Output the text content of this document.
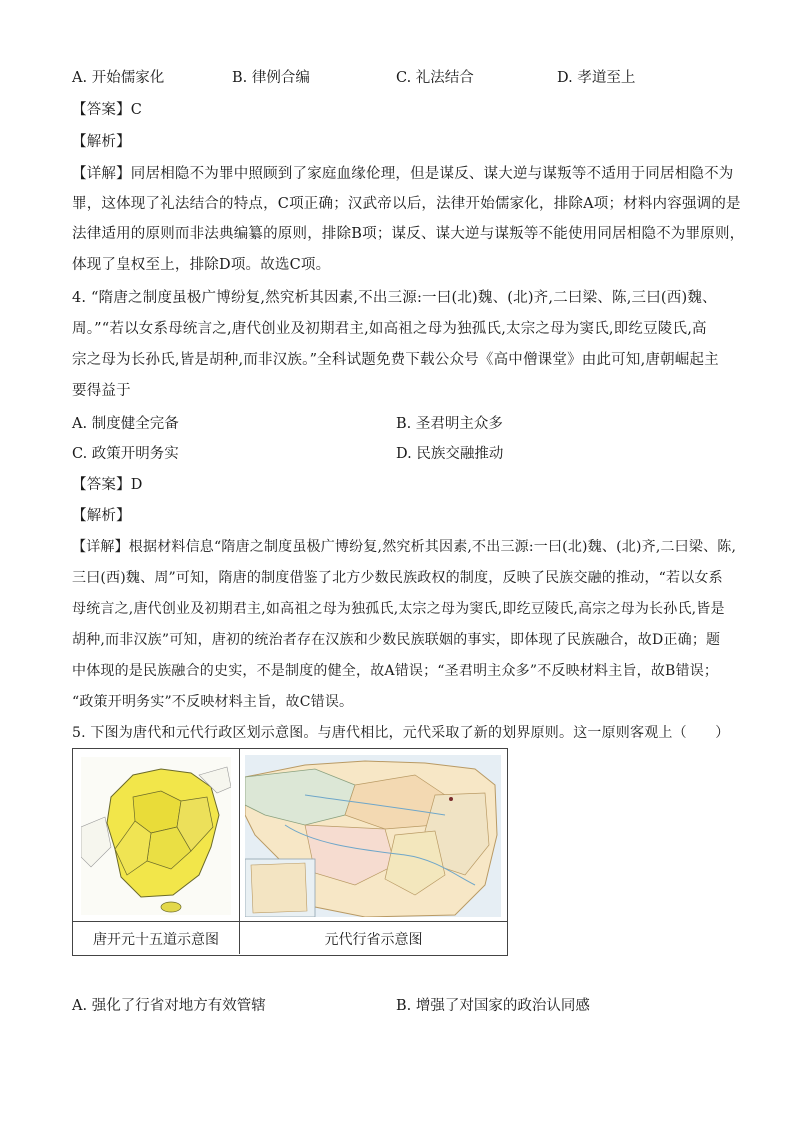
A. 开始儒家化	B. 律例合编	C. 礼法结合	D. 孝道至上
【答案】C
【解析】
【详解】同居相隐不为罪中照顾到了家庭血缘伦理，但是谋反、谋大逆与谋叛等不适用于同居相隐不为
罪，这体现了礼法结合的特点，C项正确；汉武帝以后，法律开始儒家化，排除A项；材料内容强调的是
法律适用的原则而非法典编纂的原则，排除B项；谋反、谋大逆与谋叛等不能使用同居相隐不为罪原则，
体现了皇权至上，排除D项。故选C项。
4. “隋唐之制度虽极广博纷复,然究析其因素,不出三源:一曰(北)魏、(北)齐,二曰梁、陈,三曰(西)魏、
周。”“若以女系母统言之,唐代创业及初期君主,如高祖之母为独孤氏,太宗之母为窦氏,即纥豆陵氏,高
宗之母为长孙氏,皆是胡种,而非汉族。”全科试题免费下载公众号《高中僧课堂》由此可知,唐朝崛起主
要得益于
A. 制度健全完备	B. 圣君明主众多
C. 政策开明务实	D. 民族交融推动
【答案】D
【解析】
【详解】根据材料信息“隋唐之制度虽极广博纷复,然究析其因素,不出三源:一曰(北)魏、(北)齐,二曰梁、陈,
三曰(西)魏、周”可知，隋唐的制度借鉴了北方少数民族政权的制度，反映了民族交融的推动，“若以女系
母统言之,唐代创业及初期君主,如高祖之母为独孤氏,太宗之母为窦氏,即纥豆陵氏,高宗之母为长孙氏,皆是
胡种,而非汉族”可知，唐初的统治者存在汉族和少数民族联姻的事实，即体现了民族融合，故D正确；题
中体现的是民族融合的史实，不是制度的健全，故A错误；“圣君明主众多”不反映材料主旨，故B错误；
“政策开明务实”不反映材料主旨，故C错误。
5. 下图为唐代和元代行政区划示意图。与唐代相比，元代采取了新的划界原则。这一原则客观上（　　）
唐开元十五道示意图	元代行省示意图
A. 强化了行省对地方有效管辖	B. 增强了对国家的政治认同感
